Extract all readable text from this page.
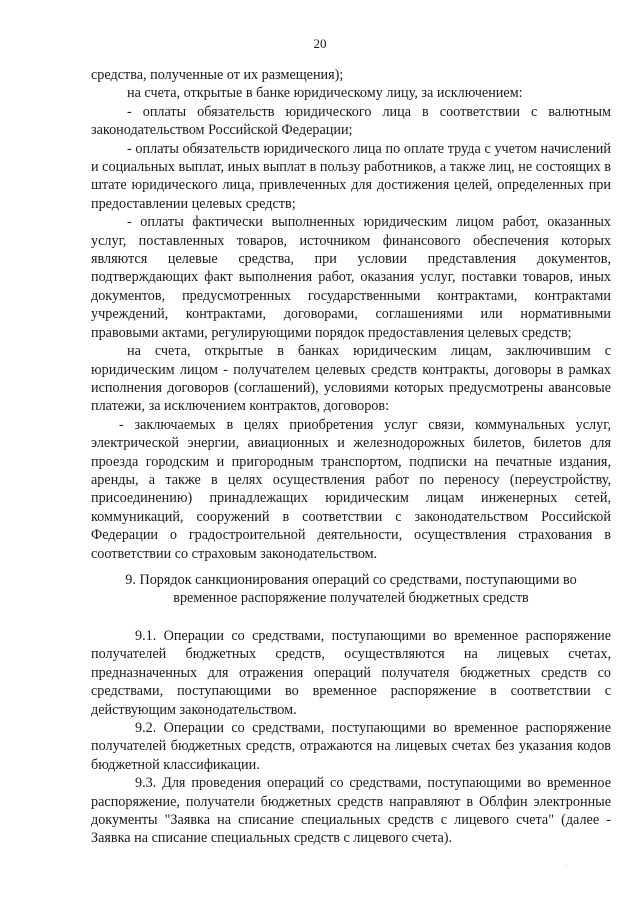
20

средства, полученные от их размещения);

на счета, открытые в банке юридическому лицу, за исключением:

- оплаты обязательств юридического лица в соответствии с валютным законодательством Российской Федерации;

- оплаты обязательств юридического лица по оплате труда с учетом начислений и социальных выплат, иных выплат в пользу работников, а также лиц, не состоящих в штате юридического лица, привлеченных для достижения целей, определенных при предоставлении целевых средств;

- оплаты фактически выполненных юридическим лицом работ, оказанных услуг, поставленных товаров, источником финансового обеспечения которых являются целевые средства, при условии представления документов, подтверждающих факт выполнения работ, оказания услуг, поставки товаров, иных документов, предусмотренных государственными контрактами, контрактами учреждений, контрактами, договорами, соглашениями или нормативными правовыми актами, регулирующими порядок предоставления целевых средств;

на счета, открытые в банках юридическим лицам, заключившим с юридическим лицом - получателем целевых средств контракты, договоры в рамках исполнения договоров (соглашений), условиями которых предусмотрены авансовые платежи, за исключением контрактов, договоров:

- заключаемых в целях приобретения услуг связи, коммунальных услуг, электрической энергии, авиационных и железнодорожных билетов, билетов для проезда городским и пригородным транспортом, подписки на печатные издания, аренды, а также в целях осуществления работ по переносу (переустройству, присоединению) принадлежащих юридическим лицам инженерных сетей, коммуникаций, сооружений в соответствии с законодательством Российской Федерации о градостроительной деятельности, осуществления страхования в соответствии со страховым законодательством.

9. Порядок санкционирования операций со средствами, поступающими во

временное распоряжение получателей бюджетных средств

9.1. Операции со средствами, поступающими во временное распоряжение получателей бюджетных средств, осуществляются на лицевых счетах, предназначенных для отражения операций получателя бюджетных средств со средствами, поступающими во временное распоряжение в соответствии с действующим законодательством.

9.2. Операции со средствами, поступающими во временное распоряжение получателей бюджетных средств, отражаются на лицевых счетах без указания кодов бюджетной классификации.

9.3. Для проведения операций со средствами, поступающими во временное распоряжение, получатели бюджетных средств направляют в Облфин электронные документы "Заявка на списание специальных средств с лицевого счета" (далее - Заявка на списание специальных средств с лицевого счета).

·
